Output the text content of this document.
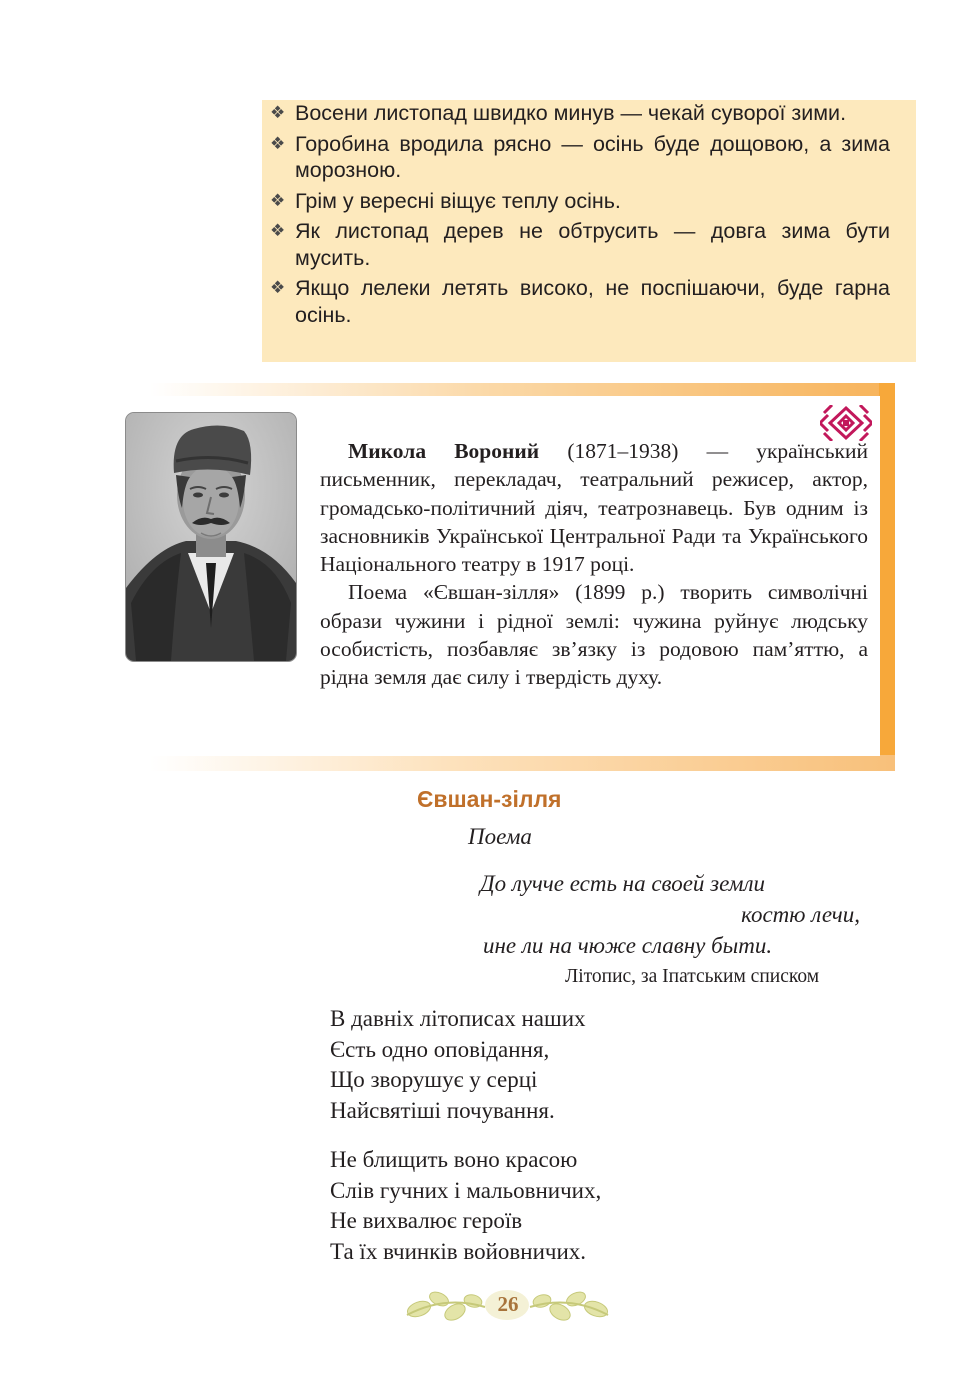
❖ Восени листопад швидко минув — чекай суворої зими.
❖ Горобина вродила рясно — осінь буде дощовою, а зима морозною.
❖ Грім у вересні віщує теплу осінь.
❖ Як листопад дерев не обтрусить — довга зима бути мусить.
❖ Якщо лелеки летять високо, не поспішаючи, буде гарна осінь.

Микола Вороний (1871–1938) — український письменник, перекладач, театральний режисер, актор, громадсько-політичний діяч, театрознавець. Був одним із засновників Української Центральної Ради та Українського Національного театру в 1917 році.

Поема «Євшан-зілля» (1899 р.) творить символічні образи чужини і рідної землі: чужина руйнує людську особистість, позбавляє зв’язку із родовою пам’яттю, а рідна земля дає силу і твердість духу.

Євшан-зілля
Поема
До лучче есть на своей земли
костю лечи,
ине ли на чюже славну быти.
Літопис, за Іпатським списком
В давніх літописах наших
Єсть одно оповідання,
Що зворушує у серці
Найсвятіші почування.
Не блищить воно красою
Слів гучних і мальовничих,
Не вихвалює героїв
Та їх вчинків войовничих.
26
